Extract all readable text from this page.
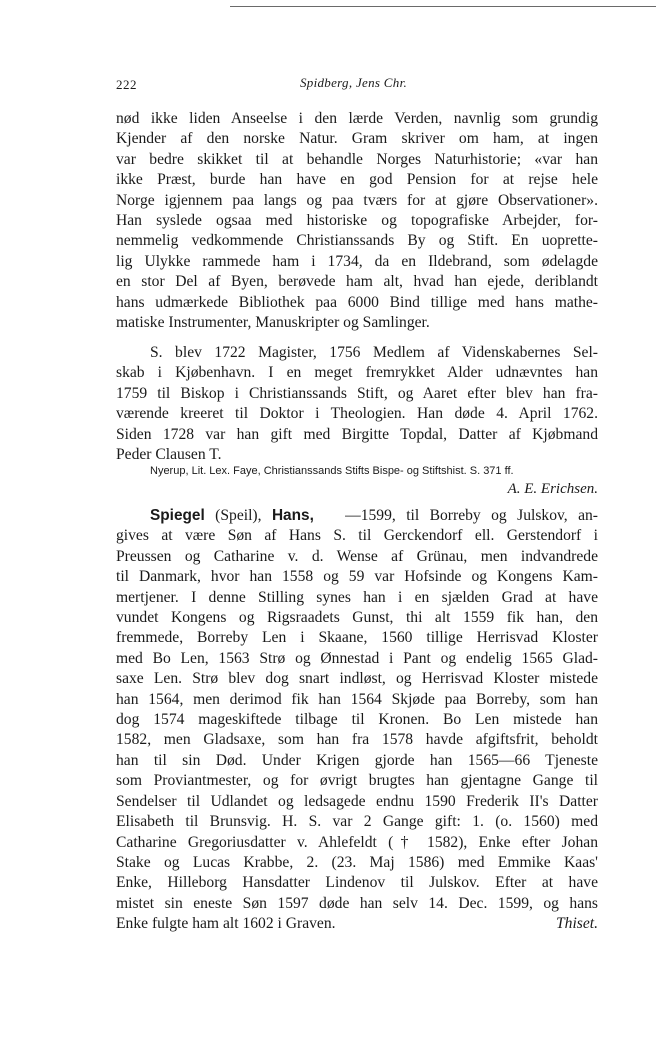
222	Spidberg, Jens Chr.
nød ikke liden Anseelse i den lærde Verden, navnlig som grundig
Kjender af den norske Natur. Gram skriver om ham, at ingen
var bedre skikket til at behandle Norges Naturhistorie; «var han
ikke Præst, burde han have en god Pension for at rejse hele
Norge igjennem paa langs og paa tværs for at gjøre Observationer».
Han syslede ogsaa med historiske og topografiske Arbejder, for-
nemmelig vedkommende Christianssands By og Stift. En uoprette-
lig Ulykke rammede ham i 1734, da en Ildebrand, som ødelagde
en stor Del af Byen, berøvede ham alt, hvad han ejede, deriblandt
hans udmærkede Bibliothek paa 6000 Bind tillige med hans mathe-
matiske Instrumenter, Manuskripter og Samlinger.
S. blev 1722 Magister, 1756 Medlem af Videnskabernes Sel-
skab i Kjøbenhavn. I en meget fremrykket Alder udnævntes han
1759 til Biskop i Christianssands Stift, og Aaret efter blev han fra-
værende kreeret til Doktor i Theologien. Han døde 4. April 1762.
Siden 1728 var han gift med Birgitte Topdal, Datter af Kjøbmand
Peder Clausen T.
Nyerup, Lit. Lex. Faye, Christianssands Stifts Bispe- og Stiftshist. S. 371 ff.
A. E. Erichsen.
Spiegel (Speil), Hans, —1599, til Borreby og Julskov, an-
gives at være Søn af Hans S. til Gerckendorf ell. Gerstendorf i
Preussen og Catharine v. d. Wense af Grünau, men indvandrede
til Danmark, hvor han 1558 og 59 var Hofsinde og Kongens Kam-
mertjener. I denne Stilling synes han i en sjælden Grad at have
vundet Kongens og Rigsraadets Gunst, thi alt 1559 fik han, den
fremmede, Borreby Len i Skaane, 1560 tillige Herrisvad Kloster
med Bo Len, 1563 Strø og Ønnestad i Pant og endelig 1565 Glad-
saxe Len. Strø blev dog snart indløst, og Herrisvad Kloster mistede
han 1564, men derimod fik han 1564 Skjøde paa Borreby, som han
dog 1574 mageskiftede tilbage til Kronen. Bo Len mistede han
1582, men Gladsaxe, som han fra 1578 havde afgiftsfrit, beholdt
han til sin Død. Under Krigen gjorde han 1565—66 Tjeneste
som Proviantmester, og for øvrigt brugtes han gjentagne Gange til
Sendelser til Udlandet og ledsagede endnu 1590 Frederik II's Datter
Elisabeth til Brunsvig. H. S. var 2 Gange gift: 1. (o. 1560) med
Catharine Gregoriusdatter v. Ahlefeldt († 1582), Enke efter Johan
Stake og Lucas Krabbe, 2. (23. Maj 1586) med Emmike Kaas'
Enke, Hilleborg Hansdatter Lindenov til Julskov. Efter at have
mistet sin eneste Søn 1597 døde han selv 14. Dec. 1599, og hans
Enke fulgte ham alt 1602 i Graven.	Thiset.
